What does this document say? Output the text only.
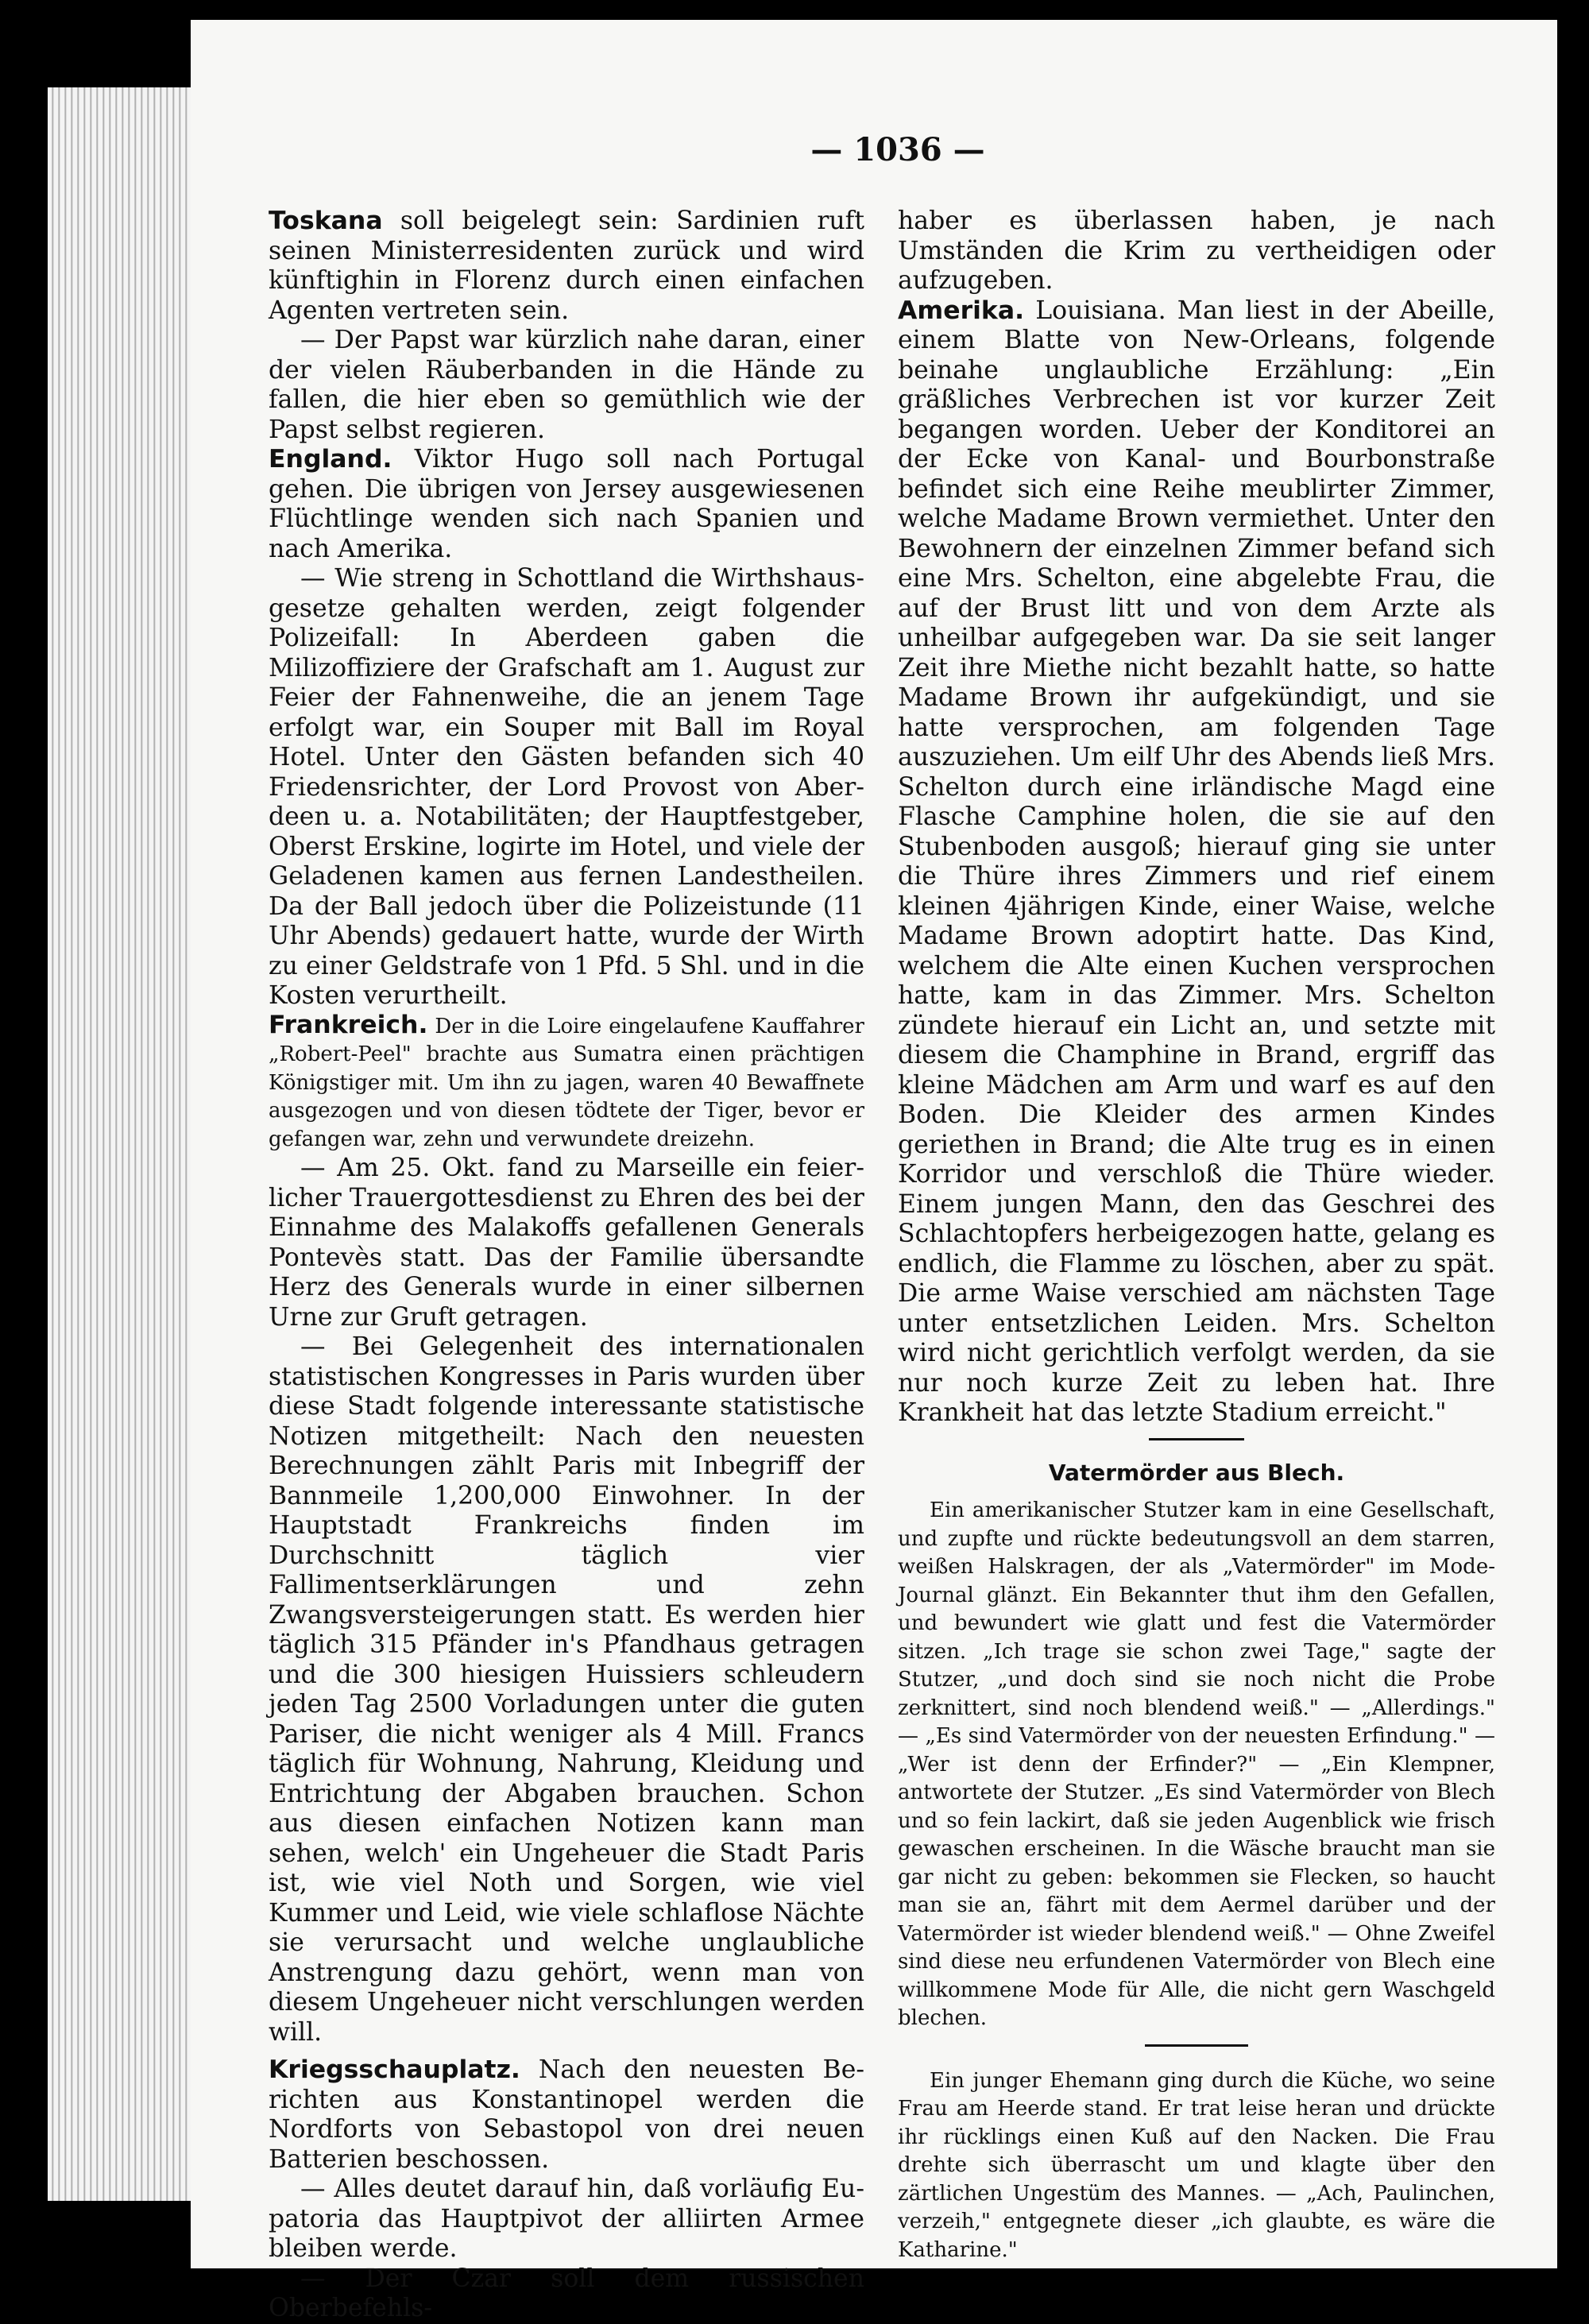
— 1036 —

Toskana soll beigelegt sein: Sardinien ruft seinen Ministerresidenten zurück und wird künftighin in Florenz durch einen einfachen Agenten vertreten sein.

— Der Papst war kürzlich nahe daran, einer der vielen Räuberbanden in die Hände zu fallen, die hier eben so gemüthlich wie der Papst selbst regieren.

England. Viktor Hugo soll nach Portugal gehen. Die übrigen von Jersey ausgewiesenen Flüchtlinge wenden sich nach Spanien und nach Amerika.

— Wie streng in Schottland die Wirthshausgesetze gehalten werden, zeigt folgender Polizeifall: In Aberdeen gaben die Milizoffiziere der Grafschaft am 1. August zur Feier der Fahnenweihe, die an jenem Tage erfolgt war, ein Souper mit Ball im Royal Hotel. Unter den Gästen befanden sich 40 Friedensrichter, der Lord Provost von Aberdeen u. a. Notabilitäten; der Hauptfestgeber, Oberst Erskine, logirte im Hotel, und viele der Geladenen kamen aus fernen Landestheilen. Da der Ball jedoch über die Polizeistunde (11 Uhr Abends) gedauert hatte, wurde der Wirth zu einer Geldstrafe von 1 Pfd. 5 Shl. und in die Kosten verurtheilt.

Frankreich. Der in die Loire eingelaufene Kauffahrer „Robert-Peel" brachte aus Sumatra einen prächtigen Königstiger mit. Um ihn zu jagen, waren 40 Bewaffnete ausgezogen und von diesen tödtete der Tiger, bevor er gefangen war, zehn und verwundete dreizehn.

— Am 25. Okt. fand zu Marseille ein feierlicher Trauergottesdienst zu Ehren des bei der Einnahme des Malakoffs gefallenen Generals Pontevès statt. Das der Familie übersandte Herz des Generals wurde in einer silbernen Urne zur Gruft getragen.

— Bei Gelegenheit des internationalen statistischen Kongresses in Paris wurden über diese Stadt folgende interessante statistische Notizen mitgetheilt: Nach den neuesten Berechnungen zählt Paris mit Inbegriff der Bannmeile 1,200,000 Einwohner. In der Hauptstadt Frankreichs finden im Durchschnitt täglich vier Fallimentserklärungen und zehn Zwangsversteigerungen statt. Es werden hier täglich 315 Pfänder in's Pfandhaus getragen und die 300 hiesigen Huissiers schleudern jeden Tag 2500 Vorladungen unter die guten Pariser, die nicht weniger als 4 Mill. Francs täglich für Wohnung, Nahrung, Kleidung und Entrichtung der Abgaben brauchen. Schon aus diesen einfachen Notizen kann man sehen, welch' ein Ungeheuer die Stadt Paris ist, wie viel Noth und Sorgen, wie viel Kummer und Leid, wie viele schlaflose Nächte sie verursacht und welche unglaubliche Anstrengung dazu gehört, wenn man von diesem Ungeheuer nicht verschlungen werden will.

Kriegsschauplatz. Nach den neuesten Berichten aus Konstantinopel werden die Nordforts von Sebastopol von drei neuen Batterien beschossen.

— Alles deutet darauf hin, daß vorläufig Eupatoria das Hauptpivot der alliirten Armee bleiben werde.

— Der Czar soll dem russischen Oberbefehls-

haber es überlassen haben, je nach Umständen die Krim zu vertheidigen oder aufzugeben.

Amerika. Louisiana. Man liest in der Abeille, einem Blatte von New-Orleans, folgende beinahe unglaubliche Erzählung: „Ein gräßliches Verbrechen ist vor kurzer Zeit begangen worden. Ueber der Konditorei an der Ecke von Kanal- und Bourbonstraße befindet sich eine Reihe meublirter Zimmer, welche Madame Brown vermiethet. Unter den Bewohnern der einzelnen Zimmer befand sich eine Mrs. Schelton, eine abgelebte Frau, die auf der Brust litt und von dem Arzte als unheilbar aufgegeben war. Da sie seit langer Zeit ihre Miethe nicht bezahlt hatte, so hatte Madame Brown ihr aufgekündigt, und sie hatte versprochen, am folgenden Tage auszuziehen. Um eilf Uhr des Abends ließ Mrs. Schelton durch eine irländische Magd eine Flasche Camphine holen, die sie auf den Stubenboden ausgoß; hierauf ging sie unter die Thüre ihres Zimmers und rief einem kleinen 4jährigen Kinde, einer Waise, welche Madame Brown adoptirt hatte. Das Kind, welchem die Alte einen Kuchen versprochen hatte, kam in das Zimmer. Mrs. Schelton zündete hierauf ein Licht an, und setzte mit diesem die Champhine in Brand, ergriff das kleine Mädchen am Arm und warf es auf den Boden. Die Kleider des armen Kindes geriethen in Brand; die Alte trug es in einen Korridor und verschloß die Thüre wieder. Einem jungen Mann, den das Geschrei des Schlachtopfers herbeigezogen hatte, gelang es endlich, die Flamme zu löschen, aber zu spät. Die arme Waise verschied am nächsten Tage unter entsetzlichen Leiden. Mrs. Schelton wird nicht gerichtlich verfolgt werden, da sie nur noch kurze Zeit zu leben hat. Ihre Krankheit hat das letzte Stadium erreicht."

Vatermörder aus Blech.

Ein amerikanischer Stutzer kam in eine Gesellschaft, und zupfte und rückte bedeutungsvoll an dem starren, weißen Halskragen, der als „Vatermörder" im Mode-Journal glänzt. Ein Bekannter thut ihm den Gefallen, und bewundert wie glatt und fest die Vatermörder sitzen. „Ich trage sie schon zwei Tage," sagte der Stutzer, „und doch sind sie noch nicht die Probe zerknittert, sind noch blendend weiß." — „Allerdings." — „Es sind Vatermörder von der neuesten Erfindung." — „Wer ist denn der Erfinder?" — „Ein Klempner, antwortete der Stutzer. „Es sind Vatermörder von Blech und so fein lackirt, daß sie jeden Augenblick wie frisch gewaschen erscheinen. In die Wäsche braucht man sie gar nicht zu geben: bekommen sie Flecken, so haucht man sie an, fährt mit dem Aermel darüber und der Vatermörder ist wieder blendend weiß." — Ohne Zweifel sind diese neu erfundenen Vatermörder von Blech eine willkommene Mode für Alle, die nicht gern Waschgeld blechen.

Ein junger Ehemann ging durch die Küche, wo seine Frau am Heerde stand. Er trat leise heran und drückte ihr rücklings einen Kuß auf den Nacken. Die Frau drehte sich überrascht um und klagte über den zärtlichen Ungestüm des Mannes. — „Ach, Paulinchen, verzeih," entgegnete dieser „ich glaubte, es wäre die Katharine."
